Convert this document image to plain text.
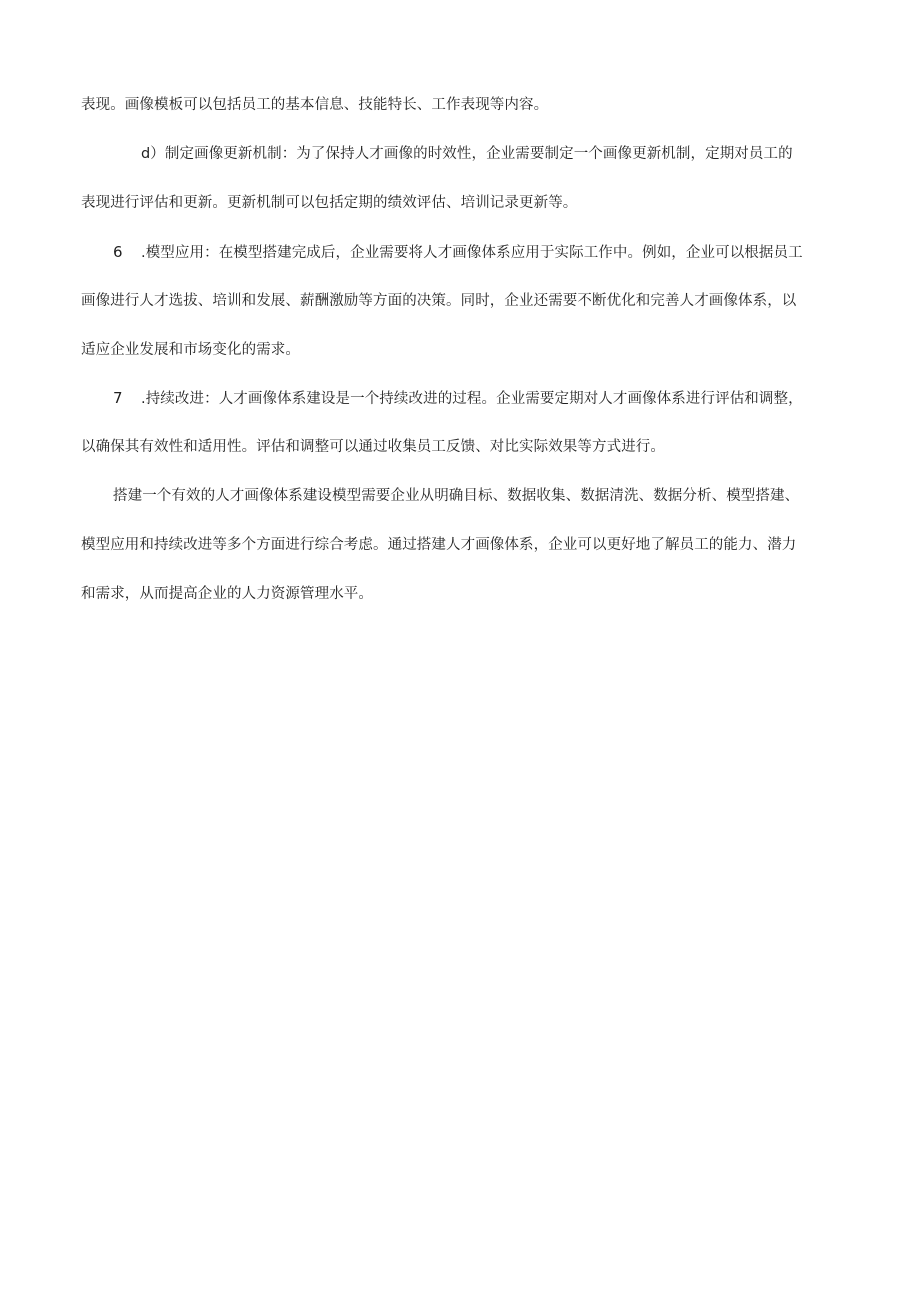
表现。画像模板可以包括员工的基本信息、技能特长、工作表现等内容。
d）制定画像更新机制：为了保持人才画像的时效性，企业需要制定一个画像更新机制，定期对员工的
表现进行评估和更新。更新机制可以包括定期的绩效评估、培训记录更新等。
6 .模型应用：在模型搭建完成后，企业需要将人才画像体系应用于实际工作中。例如，企业可以根据员工
画像进行人才选拔、培训和发展、薪酬激励等方面的决策。同时，企业还需要不断优化和完善人才画像体系，以
适应企业发展和市场变化的需求。
7 .持续改进：人才画像体系建设是一个持续改进的过程。企业需要定期对人才画像体系进行评估和调整，
以确保其有效性和适用性。评估和调整可以通过收集员工反馈、对比实际效果等方式进行。
搭建一个有效的人才画像体系建设模型需要企业从明确目标、数据收集、数据清洗、数据分析、模型搭建、
模型应用和持续改进等多个方面进行综合考虑。通过搭建人才画像体系，企业可以更好地了解员工的能力、潜力
和需求，从而提高企业的人力资源管理水平。
